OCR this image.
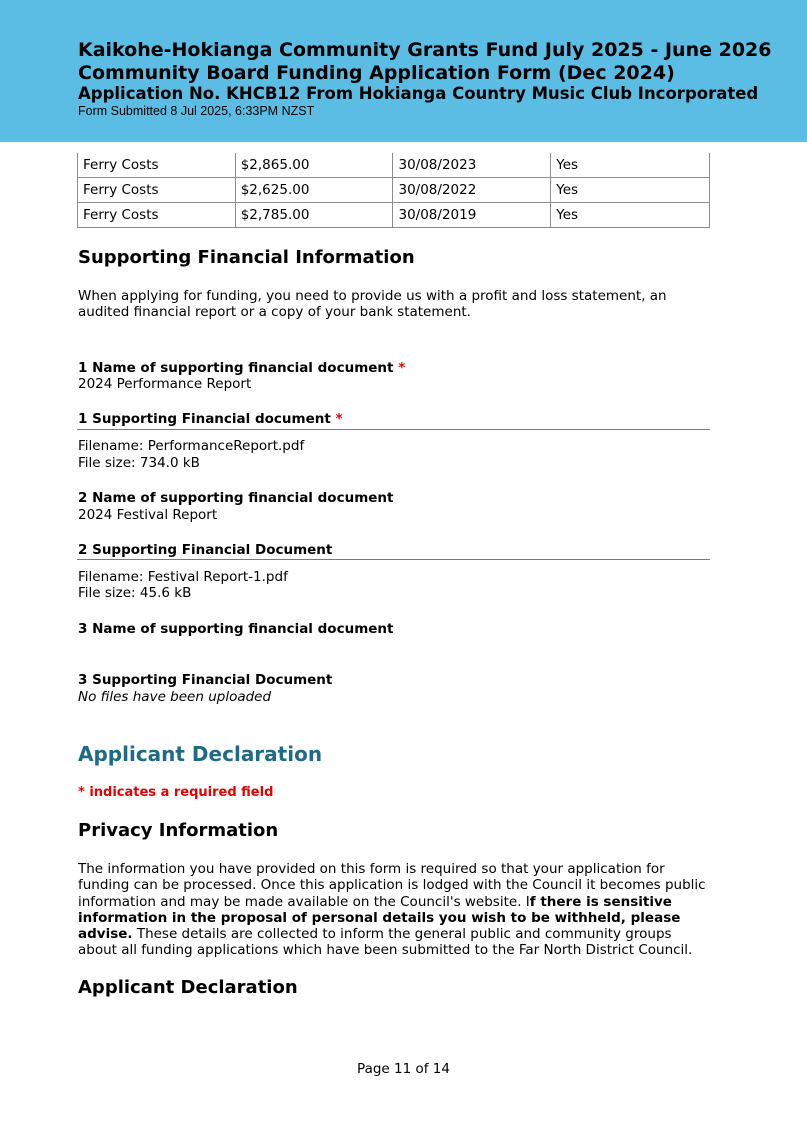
Kaikohe-Hokianga Community Grants Fund July 2025 - June 2026
Community Board Funding Application Form (Dec 2024)
Application No. KHCB12 From Hokianga Country Music Club Incorporated
Form Submitted 8 Jul 2025, 6:33PM NZST
Ferry Costs	$2,865.00	30/08/2023	Yes
Ferry Costs	$2,625.00	30/08/2022	Yes
Ferry Costs	$2,785.00	30/08/2019	Yes
Supporting Financial Information
When applying for funding, you need to provide us with a profit and loss statement, an
audited financial report or a copy of your bank statement.
1 Name of supporting financial document *
2024 Performance Report
1 Supporting Financial document *
Filename: PerformanceReport.pdf
File size: 734.0 kB
2 Name of supporting financial document
2024 Festival Report
2 Supporting Financial Document
Filename: Festival Report-1.pdf
File size: 45.6 kB
3 Name of supporting financial document
3 Supporting Financial Document
No files have been uploaded
Applicant Declaration
* indicates a required field
Privacy Information
The information you have provided on this form is required so that your application for
funding can be processed. Once this application is lodged with the Council it becomes public
information and may be made available on the Council's website. If there is sensitive
information in the proposal of personal details you wish to be withheld, please
advise. These details are collected to inform the general public and community groups
about all funding applications which have been submitted to the Far North District Council.
Applicant Declaration
Page 11 of 14
